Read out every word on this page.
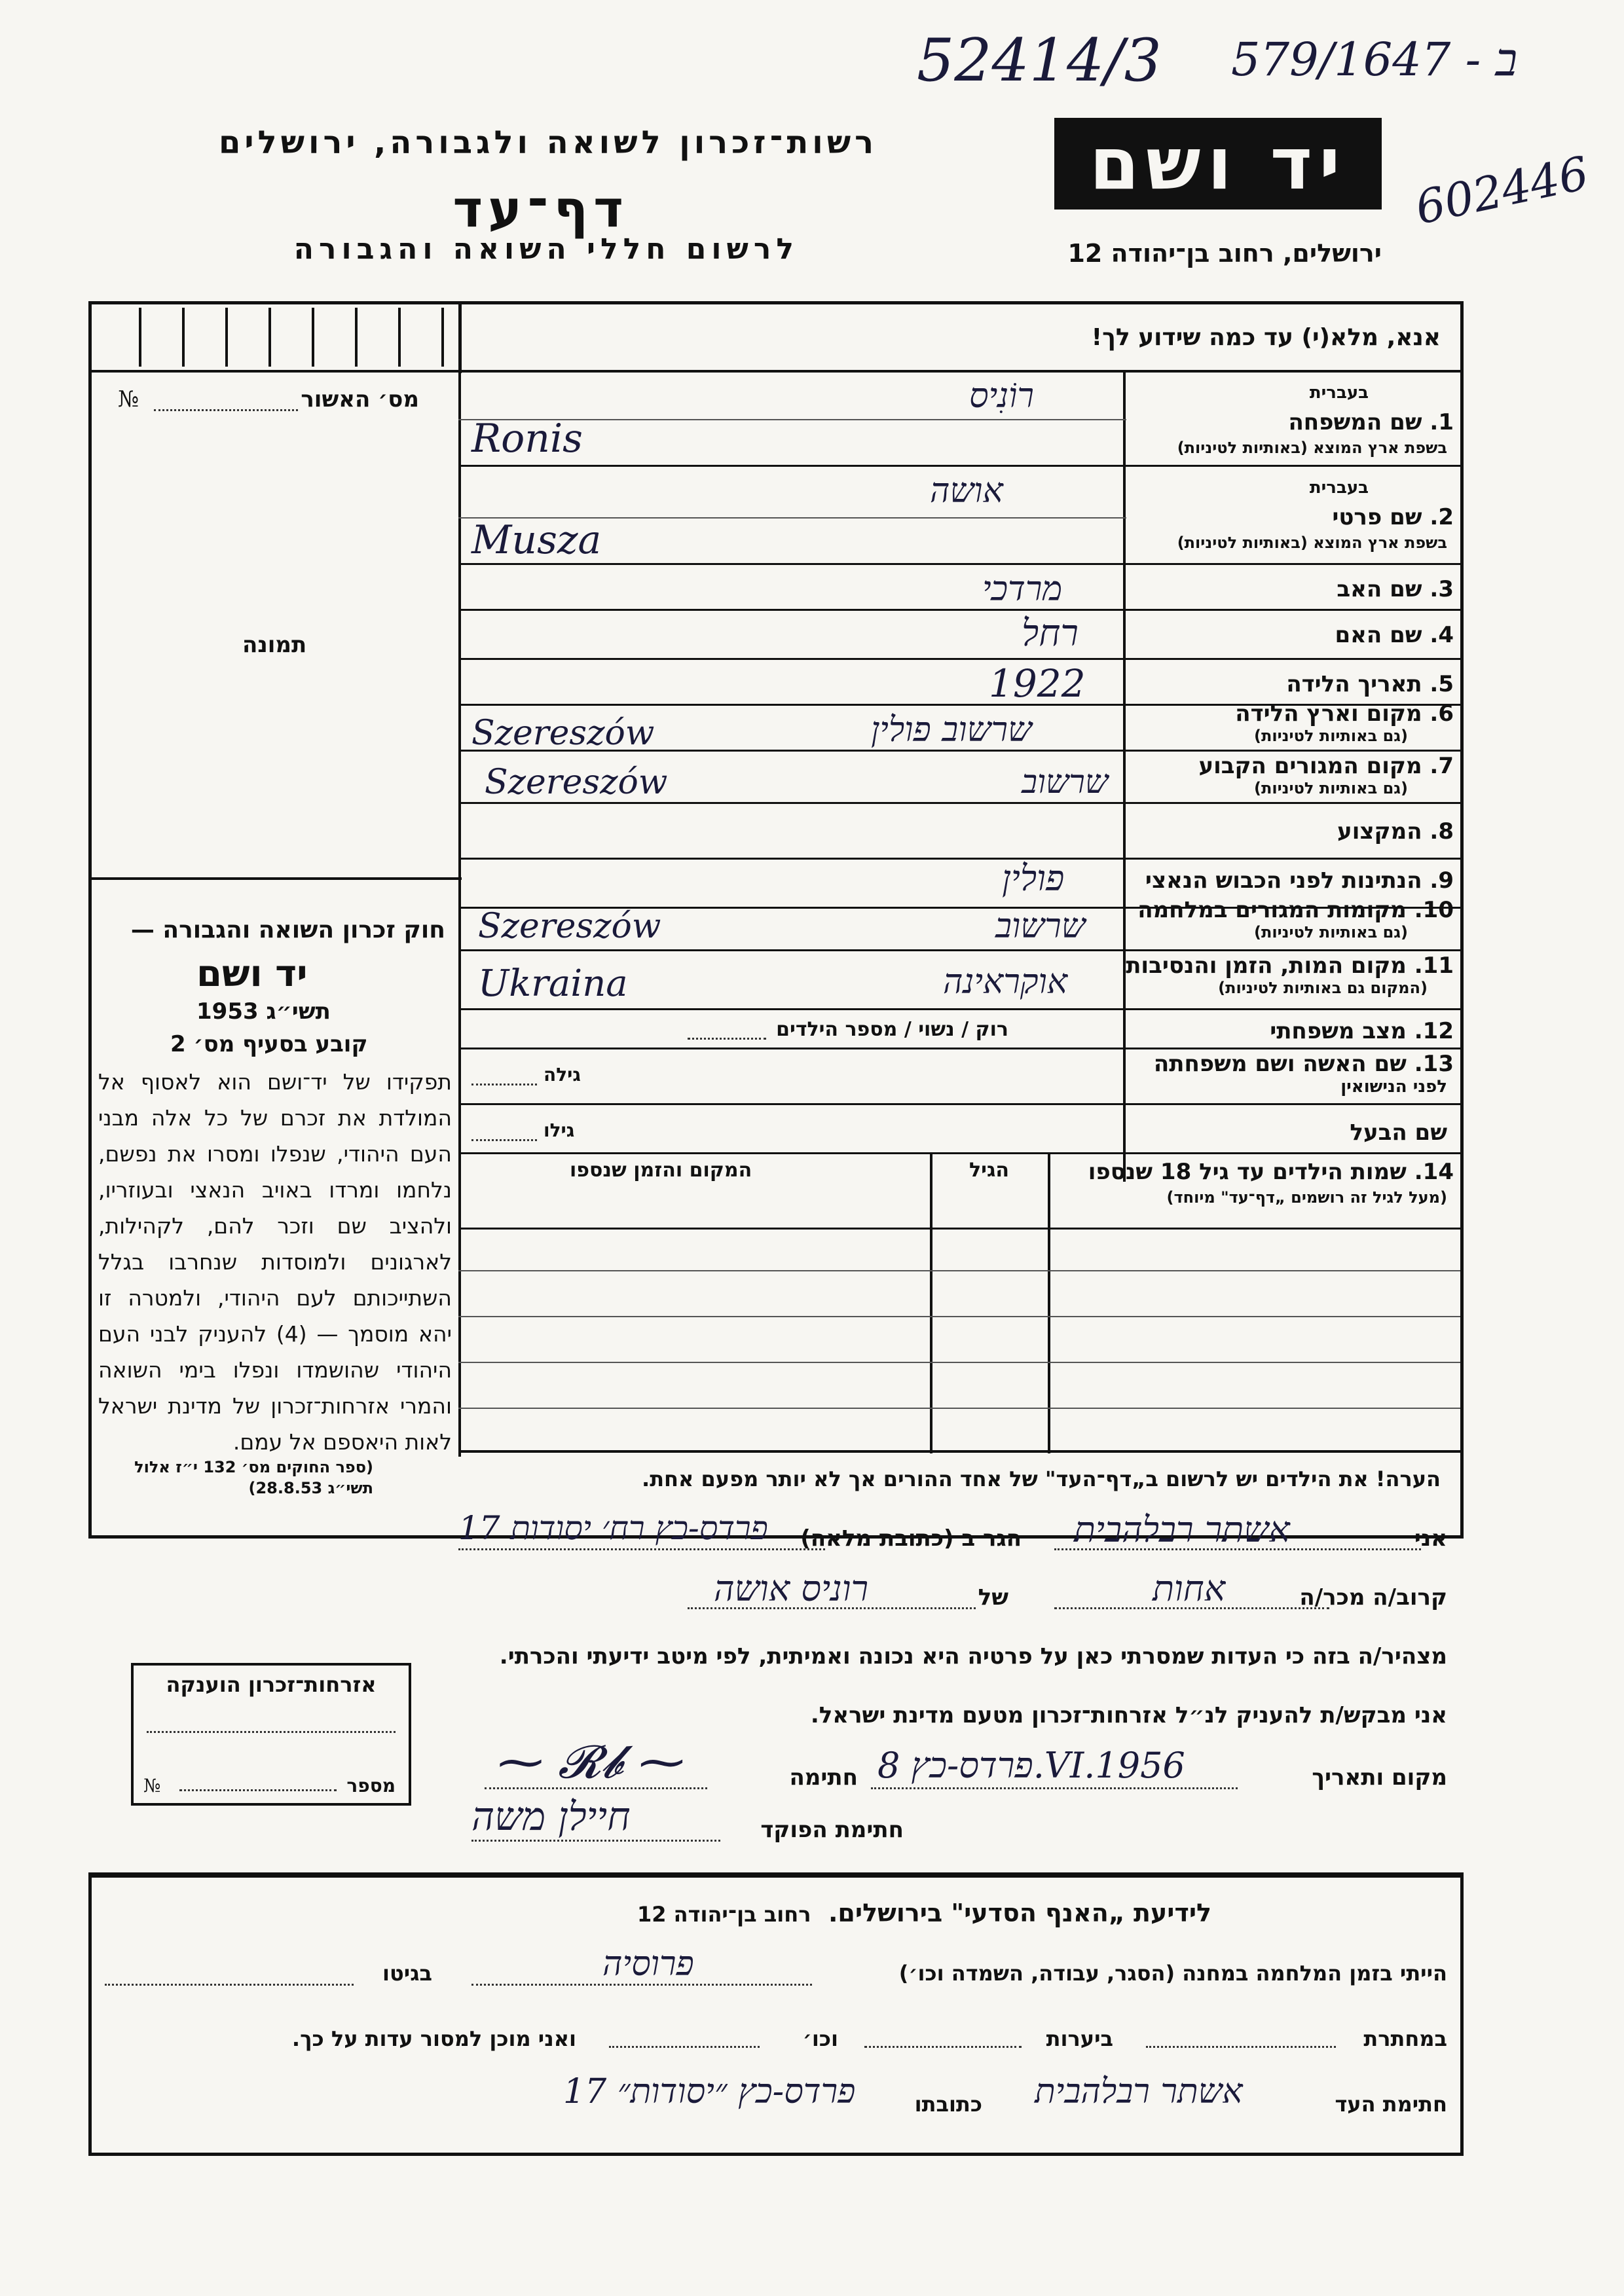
52414/3 579/ב - 1647
602446
רשות־זכרון לשואה ולגבורה, ירושלים
דף־עד
לרשום חללי השואה והגבורה
יד ושם
ירושלים, רחוב בן־יהודה 12
אנא, מלא(י) עד כמה שידוע לך!
מס׳ האשור
№
תמונה
חוק זכרון השואה והגבורה —
יד ושם
תשי״ג 1953
קובע בסעיף מס׳ 2
תפקידו של יד־ושם הוא לאסוף אל המולדת את זכרם של כל אלה מבני העם היהודי, שנפלו ומסרו את נפשם, נלחמו ומרדו באויב הנאצי ובעוזריו, ולהציב שם וזכר להם, לקהילות, לארגונים ולמוסדות שנחרבו בגלל השתייכותם לעם היהודי, ולמטרה זו יהא מוסמך — (4) להעניק לבני העם היהודי שהושמדו ונפלו בימי השואה והמרי אזרחות־זכרון של מדינת ישראל לאות היאספם אל עמם.
(ספר החוקים מס׳ 132 י״ז אלול תשי״ג 28.8.53)
1. שם המשפחה
בעברית
בשפת ארץ המוצא (באותיות לטיניות)
רוֹנִיס
Ronis
2. שם פרטי
בעברית
בשפת ארץ המוצא (באותיות לטיניות)
אושה
Musza
3. שם האב
מרדכי
4. שם האם
רחל
5. תאריך הלידה
1922
6. מקום וארץ הלידה
(גם באותיות לטיניות)
שרשוב פולין
Szereszów
7. מקום המגורים הקבוע
(גם באותיות לטיניות)
שרשוב
Szereszów
8. המקצוע
9. הנתינות לפני הכבוש הנאצי
פולין
10. מקומות המגורים במלחמה
(גם באותיות לטיניות)
שרשוב
Szereszów
11. מקום המות, הזמן והנסיבות
(המקום גם באותיות לטיניות)
אוקראינה
Ukraina
12. מצב משפחתי
רוק / נשוי / מספר הילדים
13. שם האשה ושם משפחתה
לפני הנישואין
גילה
שם הבעל
גילו
14. שמות הילדים עד גיל 18 שנספו
(מעל לגיל זה רושמים „דף־עד" מיוחד)
הגיל
המקום והזמן שנספו
הערה! את הילדים יש לרשום ב„דף־העד" של אחד ההורים אך לא יותר מפעם אחת.
אני
אשתר רבלהבית
הגר ב (כתובת מלאה)
פרדס-כץ רח׳ יסודות 17
קרוב/ה מכר/ה
אחות
של
רוניס אושה
מצהיר/ה בזה כי העדות שמסרתי כאן על פרטיה היא נכונה ואמיתית, לפי מיטב ידיעתי והכרתי.
אני מבקש/ת להעניק לנ״ל אזרחות־זכרון מטעם מדינת ישראל.
מקום ותאריך
פרדס-כץ 8.VI.1956
חתימה
⁓ 𝓡𝓫 ⁓
חתימת הפוקד
חיילן משה
אזרחות־זכרון הוענקה
מספר
№
לידיעת „האנף הסדעי" בירושלים.  רחוב בן־יהודה 12
הייתי בזמן המלחמה במחנה (הסגר, עבודה, השמדה וכו׳)
פרוסיה
בגיטו
במחתרת
ביערות
וכו׳
ואני מוכן למסור עדות על כך.
חתימת העד
אשתר רבלהבית
כתובתו
פרדס-כץ ״יסודות״ 17
